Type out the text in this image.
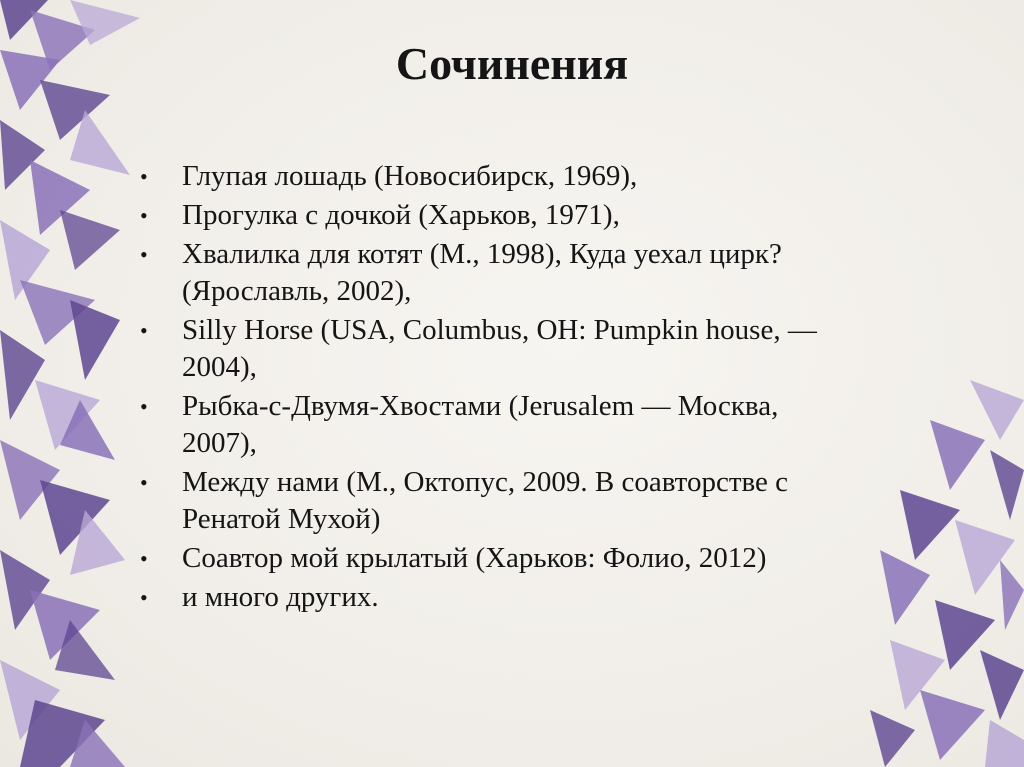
Сочинения
• Глупая лошадь (Новосибирск, 1969),
• Прогулка с дочкой (Харьков, 1971),
• Хвалилка для котят (М., 1998), Куда уехал цирк? (Ярославль, 2002),
• Silly Horse (USA, Columbus, OH: Pumpkin house, — 2004),
• Рыбка-с-Двумя-Хвостами (Jerusalem — Москва, 2007),
• Между нами (М., Октопус, 2009. В соавторстве с Ренатой Мухой)
• Соавтор мой крылатый (Харьков: Фолио, 2012)
• и много других.
